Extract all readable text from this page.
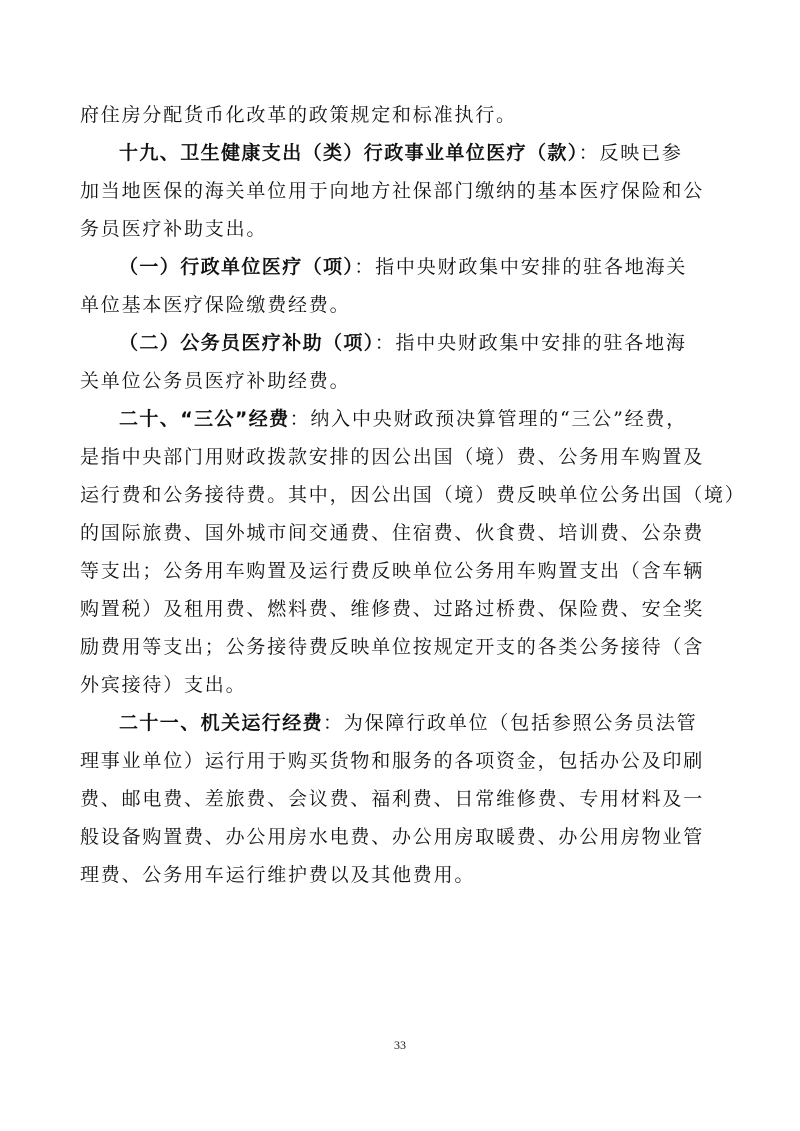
府住房分配货币化改革的政策规定和标准执行。
十九、卫生健康支出（类）行政事业单位医疗（款）：反映已参
加当地医保的海关单位用于向地方社保部门缴纳的基本医疗保险和公
务员医疗补助支出。
（一）行政单位医疗（项）：指中央财政集中安排的驻各地海关
单位基本医疗保险缴费经费。
（二）公务员医疗补助（项）：指中央财政集中安排的驻各地海
关单位公务员医疗补助经费。
二十、“三公”经费：纳入中央财政预决算管理的“三公”经费，
是指中央部门用财政拨款安排的因公出国（境）费、公务用车购置及
运行费和公务接待费。其中，因公出国（境）费反映单位公务出国（境）
的国际旅费、国外城市间交通费、住宿费、伙食费、培训费、公杂费
等支出；公务用车购置及运行费反映单位公务用车购置支出（含车辆
购置税）及租用费、燃料费、维修费、过路过桥费、保险费、安全奖
励费用等支出；公务接待费反映单位按规定开支的各类公务接待（含
外宾接待）支出。
二十一、机关运行经费：为保障行政单位（包括参照公务员法管
理事业单位）运行用于购买货物和服务的各项资金，包括办公及印刷
费、邮电费、差旅费、会议费、福利费、日常维修费、专用材料及一
般设备购置费、办公用房水电费、办公用房取暖费、办公用房物业管
理费、公务用车运行维护费以及其他费用。
33
